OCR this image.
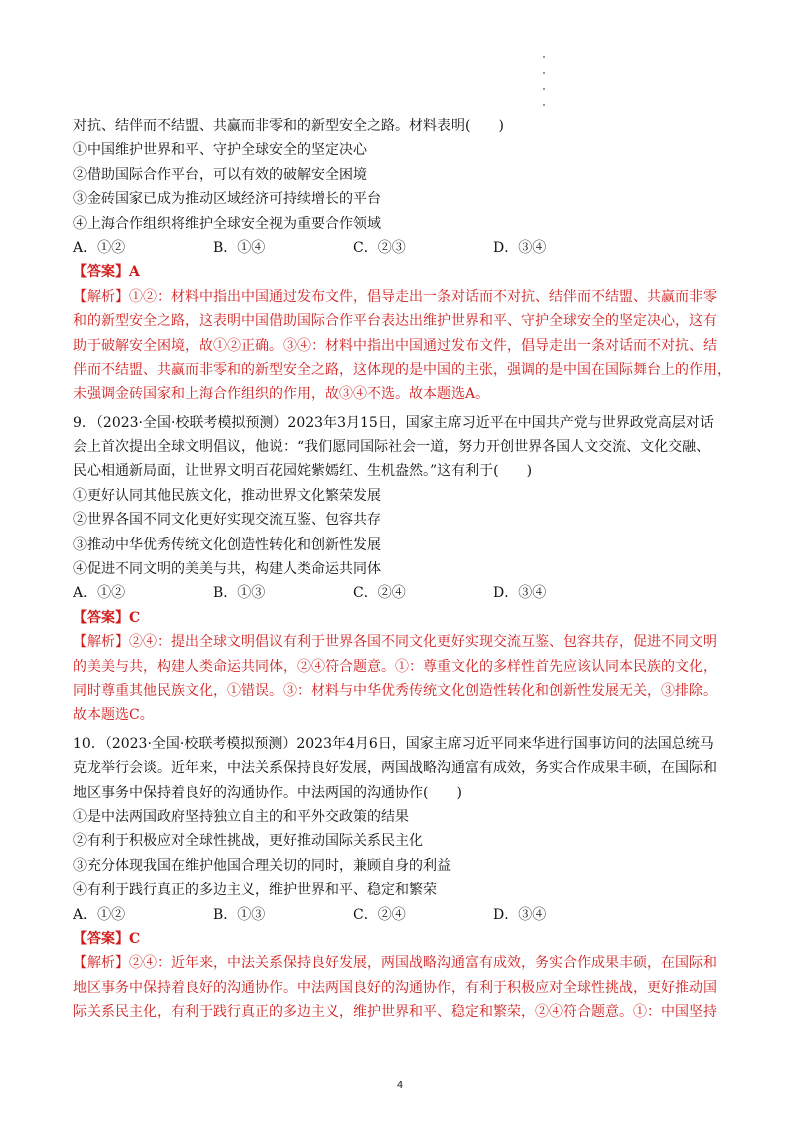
对抗、结伴而不结盟、共赢而非零和的新型安全之路。材料表明(　　)
①中国维护世界和平、守护全球安全的坚定决心
②借助国际合作平台，可以有效的破解安全困境
③金砖国家已成为推动区域经济可持续增长的平台
④上海合作组织将维护全球安全视为重要合作领域
A．①②	B．①④	C．②③	D．③④
【答案】A
【解析】①②：材料中指出中国通过发布文件，倡导走出一条对话而不对抗、结伴而不结盟、共赢而非零
和的新型安全之路，这表明中国借助国际合作平台表达出维护世界和平、守护全球安全的坚定决心，这有
助于破解安全困境，故①②正确。③④：材料中指出中国通过发布文件，倡导走出一条对话而不对抗、结
伴而不结盟、共赢而非零和的新型安全之路，这体现的是中国的主张，强调的是中国在国际舞台上的作用，
未强调金砖国家和上海合作组织的作用，故③④不选。故本题选A。
9．（2023·全国·校联考模拟预测）2023年3月15日，国家主席习近平在中国共产党与世界政党高层对话
会上首次提出全球文明倡议，他说：“我们愿同国际社会一道，努力开创世界各国人文交流、文化交融、
民心相通新局面，让世界文明百花园姹紫嫣红、生机盎然。”这有利于(　　)
①更好认同其他民族文化，推动世界文化繁荣发展
②世界各国不同文化更好实现交流互鉴、包容共存
③推动中华优秀传统文化创造性转化和创新性发展
④促进不同文明的美美与共，构建人类命运共同体
A．①②	B．①③	C．②④	D．③④
【答案】C
【解析】②④：提出全球文明倡议有利于世界各国不同文化更好实现交流互鉴、包容共存，促进不同文明
的美美与共，构建人类命运共同体，②④符合题意。①：尊重文化的多样性首先应该认同本民族的文化，
同时尊重其他民族文化，①错误。③：材料与中华优秀传统文化创造性转化和创新性发展无关，③排除。
故本题选C。
10．（2023·全国·校联考模拟预测）2023年4月6日，国家主席习近平同来华进行国事访问的法国总统马
克龙举行会谈。近年来，中法关系保持良好发展，两国战略沟通富有成效，务实合作成果丰硕，在国际和
地区事务中保持着良好的沟通协作。中法两国的沟通协作(　　)
①是中法两国政府坚持独立自主的和平外交政策的结果
②有利于积极应对全球性挑战，更好推动国际关系民主化
③充分体现我国在维护他国合理关切的同时，兼顾自身的利益
④有利于践行真正的多边主义，维护世界和平、稳定和繁荣
A．①②	B．①③	C．②④	D．③④
【答案】C
【解析】②④：近年来，中法关系保持良好发展，两国战略沟通富有成效，务实合作成果丰硕，在国际和
地区事务中保持着良好的沟通协作。中法两国良好的沟通协作，有利于积极应对全球性挑战，更好推动国
际关系民主化，有利于践行真正的多边主义，维护世界和平、稳定和繁荣，②④符合题意。①：中国坚持
4
